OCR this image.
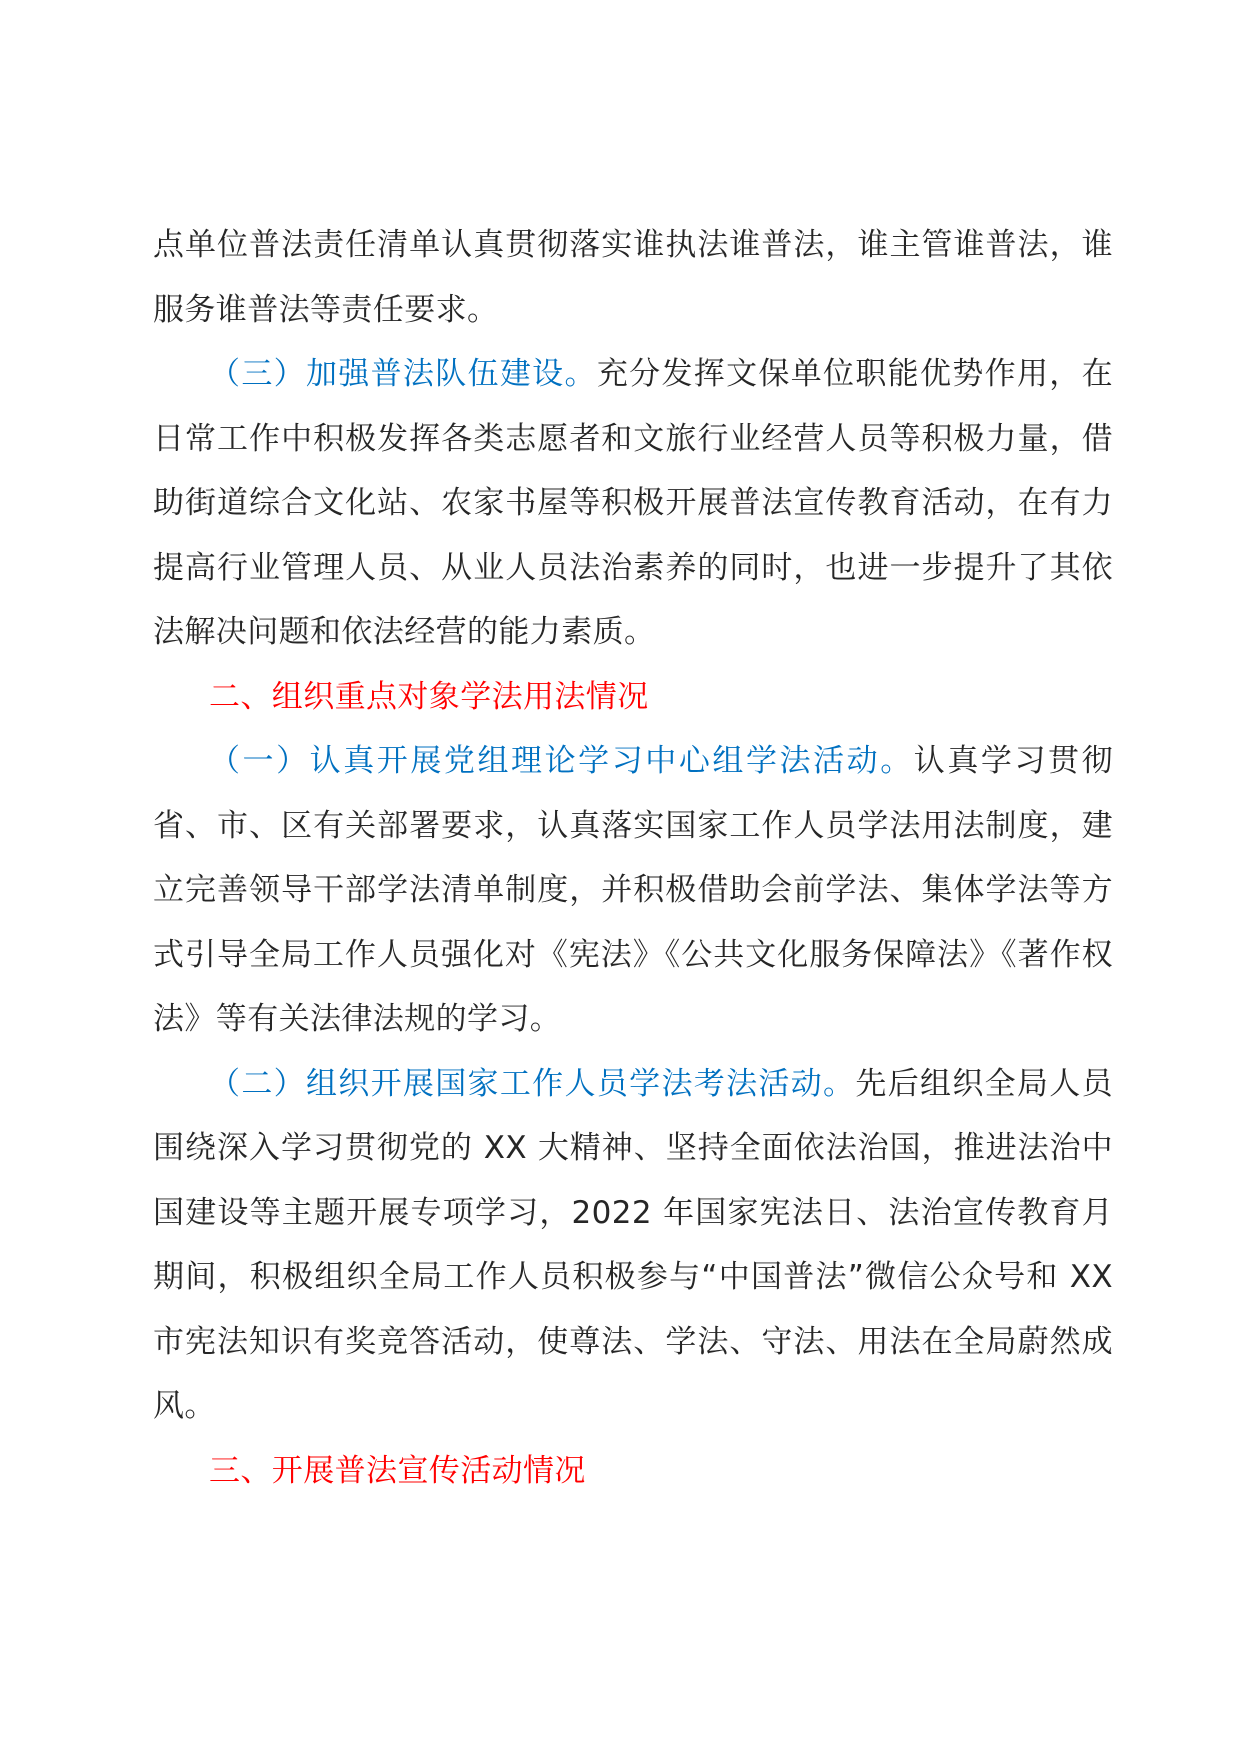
点单位普法责任清单认真贯彻落实谁执法谁普法，谁主管谁普法，谁服务谁普法等责任要求。

（三）加强普法队伍建设。充分发挥文保单位职能优势作用，在日常工作中积极发挥各类志愿者和文旅行业经营人员等积极力量，借助街道综合文化站、农家书屋等积极开展普法宣传教育活动，在有力提高行业管理人员、从业人员法治素养的同时，也进一步提升了其依法解决问题和依法经营的能力素质。

二、组织重点对象学法用法情况

（一）认真开展党组理论学习中心组学法活动。认真学习贯彻省、市、区有关部署要求，认真落实国家工作人员学法用法制度，建立完善领导干部学法清单制度，并积极借助会前学法、集体学法等方式引导全局工作人员强化对《宪法》《公共文化服务保障法》《著作权法》等有关法律法规的学习。

（二）组织开展国家工作人员学法考法活动。先后组织全局人员围绕深入学习贯彻党的 XX 大精神、坚持全面依法治国，推进法治中国建设等主题开展专项学习，2022 年国家宪法日、法治宣传教育月期间，积极组织全局工作人员积极参与“中国普法”微信公众号和 XX 市宪法知识有奖竞答活动，使尊法、学法、守法、用法在全局蔚然成风。

三、开展普法宣传活动情况
